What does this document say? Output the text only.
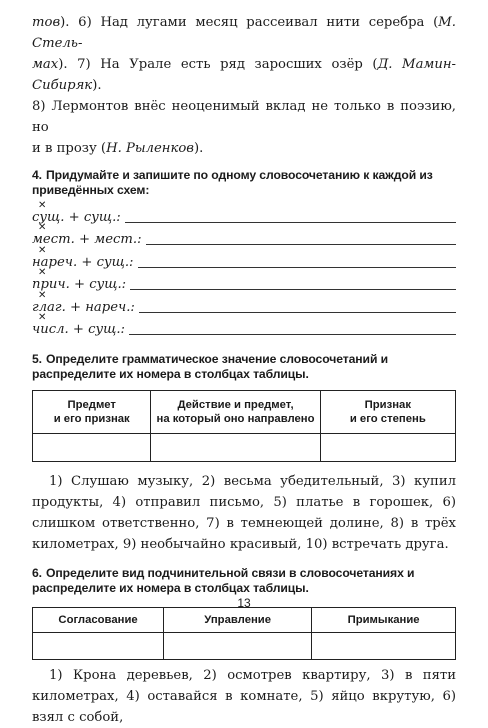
тов). 6) Над лугами месяц рассеивал нити серебра (М. Стель-
мах). 7) На Урале есть ряд заросших озёр (Д. Мамин-Сибиряк).
8) Лермонтов внёс неоценимый вклад не только в поэзию, но
и в прозу (Н. Рыленков).

4. Придумайте и запишите по одному словосочетанию к каждой из приведённых схем:

✕
сущ. + сущ.:
✕
мест. + мест.:
✕
нареч. + сущ.:
✕
прич. + сущ.:
✕
глаг. + нареч.:
✕
числ. + сущ.:

5. Определите грамматическое значение словосочетаний и распределите их номера в столбцах таблицы.

Предмет
и его признак	Действие и предмет,
на который оно направлено	Признак
и его степень

1) Слушаю музыку, 2) весьма убедительный, 3) купил продукты, 4) отправил письмо, 5) платье в горошек, 6) слишком ответственно, 7) в темнеющей долине, 8) в трёх километрах, 9) необычайно красивый, 10) встречать друга.

6. Определите вид подчинительной связи в словосочетаниях и распределите их номера в столбцах таблицы.

Согласование	Управление	Примыкание

1) Крона деревьев, 2) осмотрев квартиру, 3) в пяти километрах, 4) оставайся в комнате, 5) яйцо вкрутую, 6) взял с собой,

13
